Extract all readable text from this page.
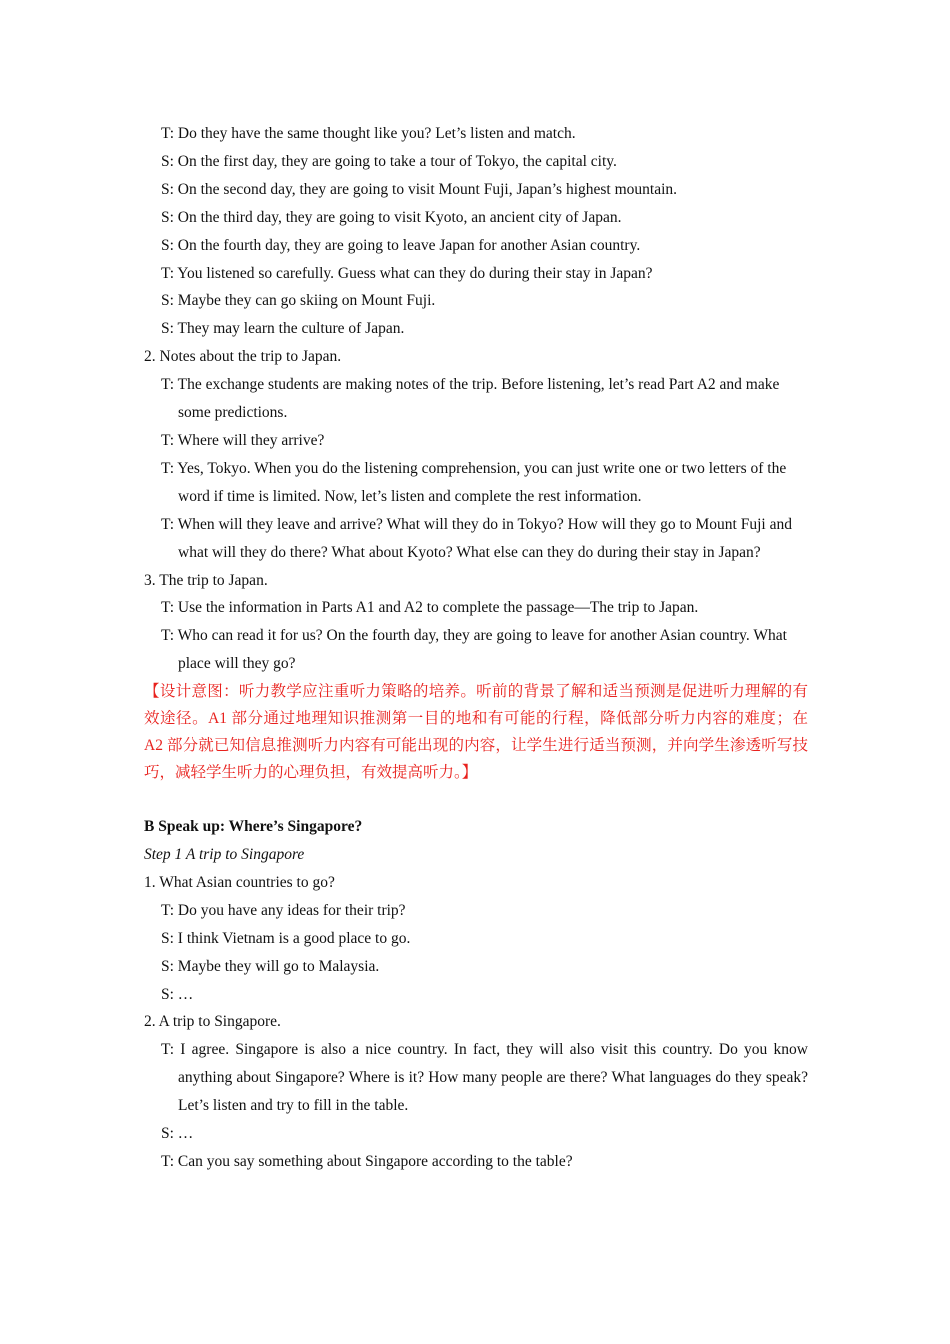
T: Do they have the same thought like you? Let’s listen and match.
S: On the first day, they are going to take a tour of Tokyo, the capital city.
S: On the second day, they are going to visit Mount Fuji, Japan’s highest mountain.
S: On the third day, they are going to visit Kyoto, an ancient city of Japan.
S: On the fourth day, they are going to leave Japan for another Asian country.
T: You listened so carefully. Guess what can they do during their stay in Japan?
S: Maybe they can go skiing on Mount Fuji.
S: They may learn the culture of Japan.
2. Notes about the trip to Japan.
T: The exchange students are making notes of the trip. Before listening, let’s read Part A2 and make some predictions.
T: Where will they arrive?
T: Yes, Tokyo. When you do the listening comprehension, you can just write one or two letters of the word if time is limited. Now, let’s listen and complete the rest information.
T: When will they leave and arrive? What will they do in Tokyo? How will they go to Mount Fuji and what will they do there? What about Kyoto? What else can they do during their stay in Japan?
3. The trip to Japan.
T: Use the information in Parts A1 and A2 to complete the passage—The trip to Japan.
T: Who can read it for us? On the fourth day, they are going to leave for another Asian country. What place will they go?
【设计意图：听力教学应注重听力策略的培养。听前的背景了解和适当预测是促进听力理解的有效途径。A1 部分通过地理知识推测第一目的地和有可能的行程，降低部分听力内容的难度；在 A2 部分就已知信息推测听力内容有可能出现的内容，让学生进行适当预测，并向学生渗透听写技巧，减轻学生听力的心理负担，有效提高听力。】
B Speak up: Where’s Singapore?
Step 1 A trip to Singapore
1. What Asian countries to go?
T: Do you have any ideas for their trip?
S: I think Vietnam is a good place to go.
S: Maybe they will go to Malaysia.
S: …
2. A trip to Singapore.
T: I agree. Singapore is also a nice country. In fact, they will also visit this country. Do you know anything about Singapore? Where is it? How many people are there? What languages do they speak? Let’s listen and try to fill in the table.
S: …
T: Can you say something about Singapore according to the table?
